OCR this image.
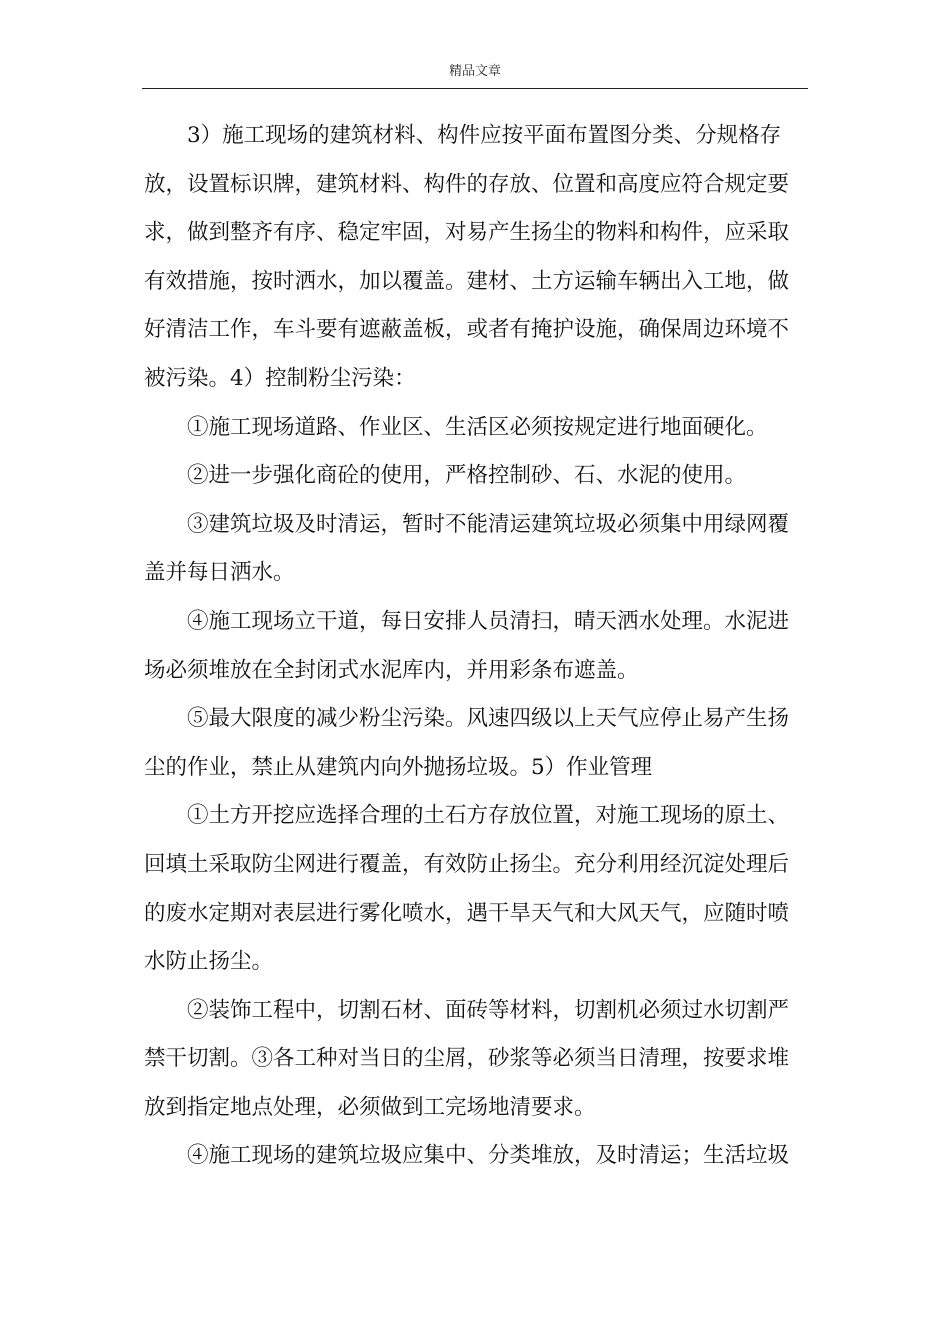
精品文章
3）施工现场的建筑材料、构件应按平面布置图分类、分规格存
放，设置标识牌，建筑材料、构件的存放、位置和高度应符合规定要
求，做到整齐有序、稳定牢固，对易产生扬尘的物料和构件，应采取
有效措施，按时洒水，加以覆盖。建材、土方运输车辆出入工地，做
好清洁工作，车斗要有遮蔽盖板，或者有掩护设施，确保周边环境不
被污染。4）控制粉尘污染：
①施工现场道路、作业区、生活区必须按规定进行地面硬化。
②进一步强化商砼的使用，严格控制砂、石、水泥的使用。
③建筑垃圾及时清运，暂时不能清运建筑垃圾必须集中用绿网覆
盖并每日洒水。
④施工现场立干道，每日安排人员清扫，晴天洒水处理。水泥进
场必须堆放在全封闭式水泥库内，并用彩条布遮盖。
⑤最大限度的减少粉尘污染。风速四级以上天气应停止易产生扬
尘的作业，禁止从建筑内向外抛扬垃圾。5）作业管理
①土方开挖应选择合理的土石方存放位置，对施工现场的原土、
回填土采取防尘网进行覆盖，有效防止扬尘。充分利用经沉淀处理后
的废水定期对表层进行雾化喷水，遇干旱天气和大风天气，应随时喷
水防止扬尘。
②装饰工程中，切割石材、面砖等材料，切割机必须过水切割严
禁干切割。③各工种对当日的尘屑，砂浆等必须当日清理，按要求堆
放到指定地点处理，必须做到工完场地清要求。
④施工现场的建筑垃圾应集中、分类堆放，及时清运；生活垃圾
